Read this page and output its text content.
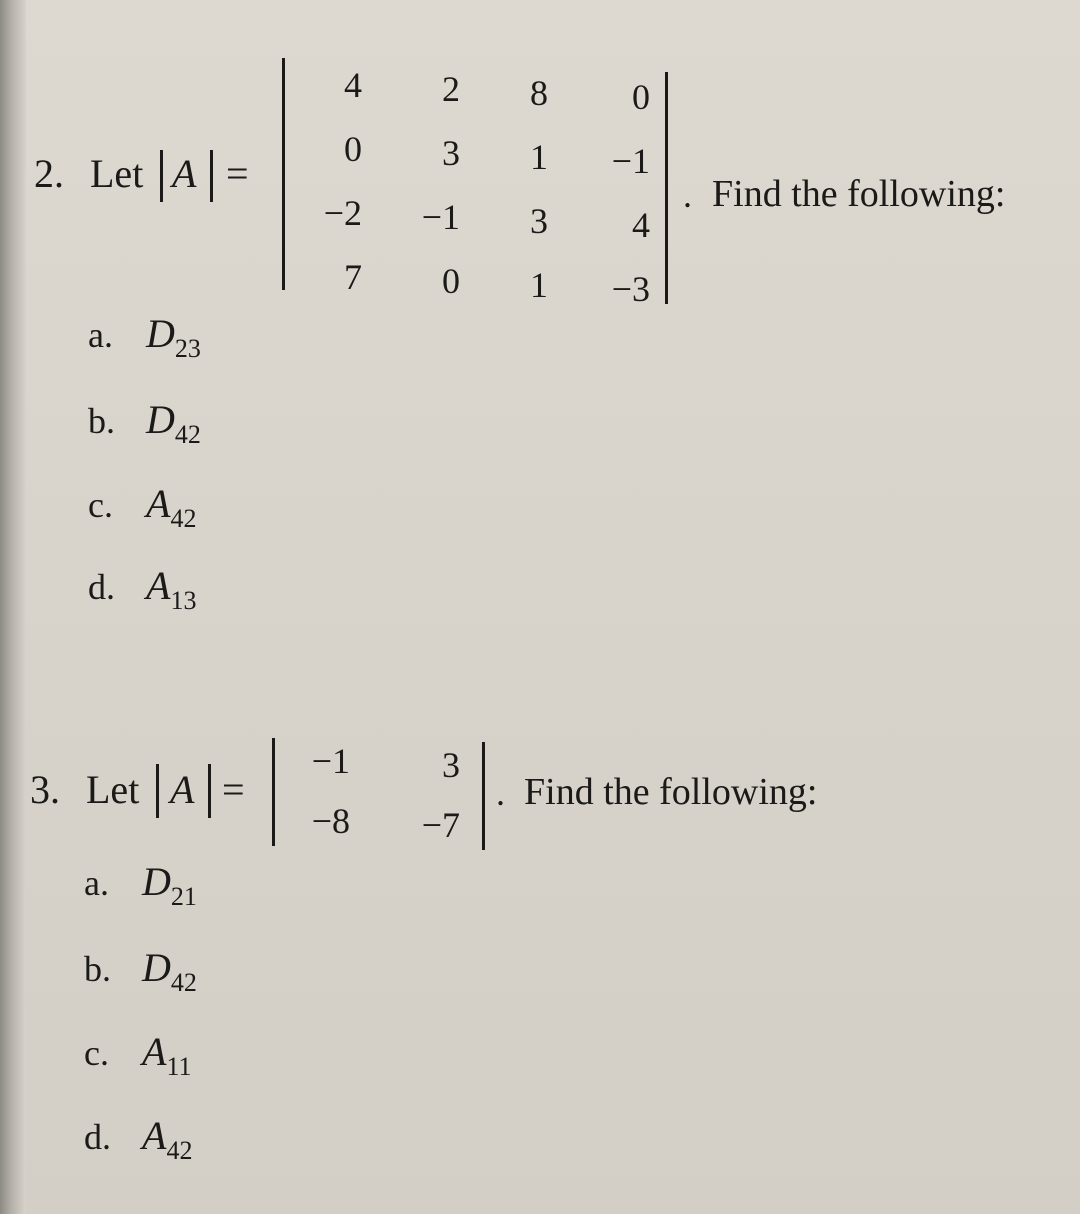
2. Let A =
4	2	8	0
0	3	1	−1
−2	−1	3	4
7	0	1	−3
. Find the following:
a. $D_{23}$
b. $D_{42}$
c. $A_{42}$
d. $A_{13}$
3. Let A =
−1	3
−8	−7
. Find the following:
a. $D_{21}$
b. $D_{42}$
c. $A_{11}$
d. $A_{42}$
